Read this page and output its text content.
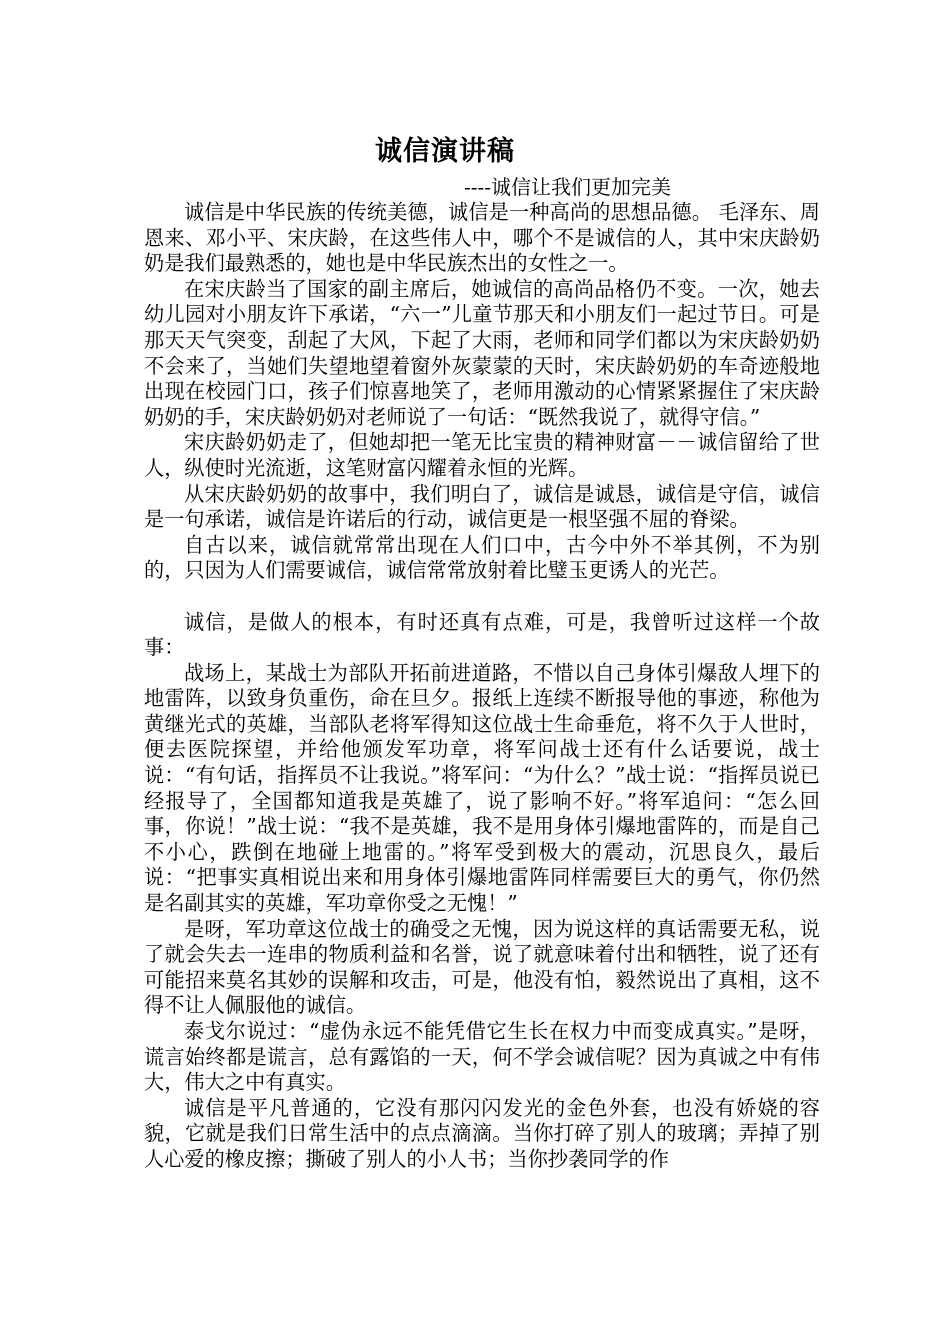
诚信演讲稿

----诚信让我们更加完美

诚信是中华民族的传统美德，诚信是一种高尚的思想品德。 毛泽东、周恩来、邓小平、宋庆龄，在这些伟人中，哪个不是诚信的人，其中宋庆龄奶奶是我们最熟悉的，她也是中华民族杰出的女性之一。

在宋庆龄当了国家的副主席后，她诚信的高尚品格仍不变。一次，她去幼儿园对小朋友许下承诺，“六一”儿童节那天和小朋友们一起过节日。可是那天天气突变，刮起了大风，下起了大雨，老师和同学们都以为宋庆龄奶奶不会来了，当她们失望地望着窗外灰蒙蒙的天时，宋庆龄奶奶的车奇迹般地出现在校园门口，孩子们惊喜地笑了，老师用激动的心情紧紧握住了宋庆龄奶奶的手，宋庆龄奶奶对老师说了一句话：“既然我说了，就得守信。”

宋庆龄奶奶走了，但她却把一笔无比宝贵的精神财富－－诚信留给了世人，纵使时光流逝，这笔财富闪耀着永恒的光辉。

从宋庆龄奶奶的故事中，我们明白了，诚信是诚恳，诚信是守信，诚信是一句承诺，诚信是许诺后的行动，诚信更是一根坚强不屈的脊梁。

自古以来，诚信就常常出现在人们口中，古今中外不举其例，不为别的，只因为人们需要诚信，诚信常常放射着比璧玉更诱人的光芒。

诚信，是做人的根本，有时还真有点难，可是，我曾听过这样一个故事：

战场上，某战士为部队开拓前进道路，不惜以自己身体引爆敌人埋下的地雷阵，以致身负重伤，命在旦夕。报纸上连续不断报导他的事迹，称他为黄继光式的英雄，当部队老将军得知这位战士生命垂危，将不久于人世时，便去医院探望，并给他颁发军功章，将军问战士还有什么话要说，战士说：“有句话，指挥员不让我说。”将军问：“为什么？”战士说：“指挥员说已经报导了，全国都知道我是英雄了，说了影响不好。”将军追问：“怎么回事，你说！”战士说：“我不是英雄，我不是用身体引爆地雷阵的，而是自己不小心，跌倒在地碰上地雷的。”将军受到极大的震动，沉思良久，最后说：“把事实真相说出来和用身体引爆地雷阵同样需要巨大的勇气，你仍然是名副其实的英雄，军功章你受之无愧！”

是呀，军功章这位战士的确受之无愧，因为说这样的真话需要无私，说了就会失去一连串的物质利益和名誉，说了就意味着付出和牺牲，说了还有可能招来莫名其妙的误解和攻击，可是，他没有怕，毅然说出了真相，这不得不让人佩服他的诚信。

泰戈尔说过：“虚伪永远不能凭借它生长在权力中而变成真实。”是呀，谎言始终都是谎言，总有露馅的一天，何不学会诚信呢？因为真诚之中有伟大，伟大之中有真实。

诚信是平凡普通的，它没有那闪闪发光的金色外套，也没有娇娆的容貌，它就是我们日常生活中的点点滴滴。当你打碎了别人的玻璃；弄掉了别人心爱的橡皮擦；撕破了别人的小人书；当你抄袭同学的作
